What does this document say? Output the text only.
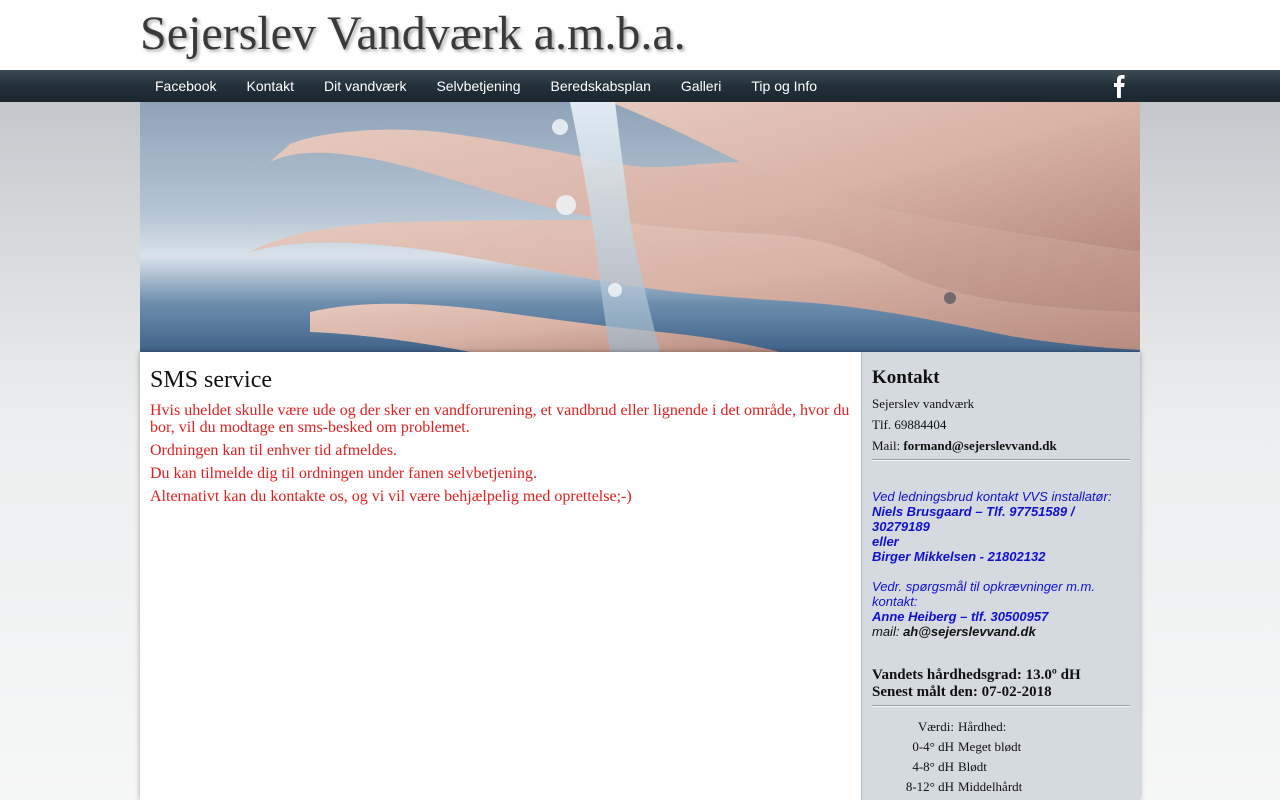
Sejerslev Vandværk a.m.b.a.
Facebook	Kontakt	Dit vandværk	Selvbetjening	Beredskabsplan	Galleri	Tip og Info
SMS service

Hvis uheldet skulle være ude og der sker en vandforurening, et vandbrud eller lignende i det område, hvor du bor, vil du modtage en sms-besked om problemet.

Ordningen kan til enhver tid afmeldes.

Du kan tilmelde dig til ordningen under fanen selvbetjening.

Alternativt kan du kontakte os, og vi vil være behjælpelig med oprettelse;-)

Kontakt
Sejerslev vandværk
Tlf. 69884404
Mail: formand@sejerslevvand.dk
Ved ledningsbrud kontakt VVS installatør:
Niels Brusgaard – Tlf. 97751589 / 30279189
eller
Birger Mikkelsen - 21802132
Vedr. spørgsmål til opkrævninger m.m. kontakt:
Anne Heiberg – tlf. 30500957
mail: ah@sejerslevvand.dk
Vandets hårdhedsgrad: 13.0º dH
Senest målt den: 07-02-2018
Værdi:	Hårdhed:
0-4° dH	Meget blødt
4-8° dH	Blødt
8-12° dH	Middelhårdt
